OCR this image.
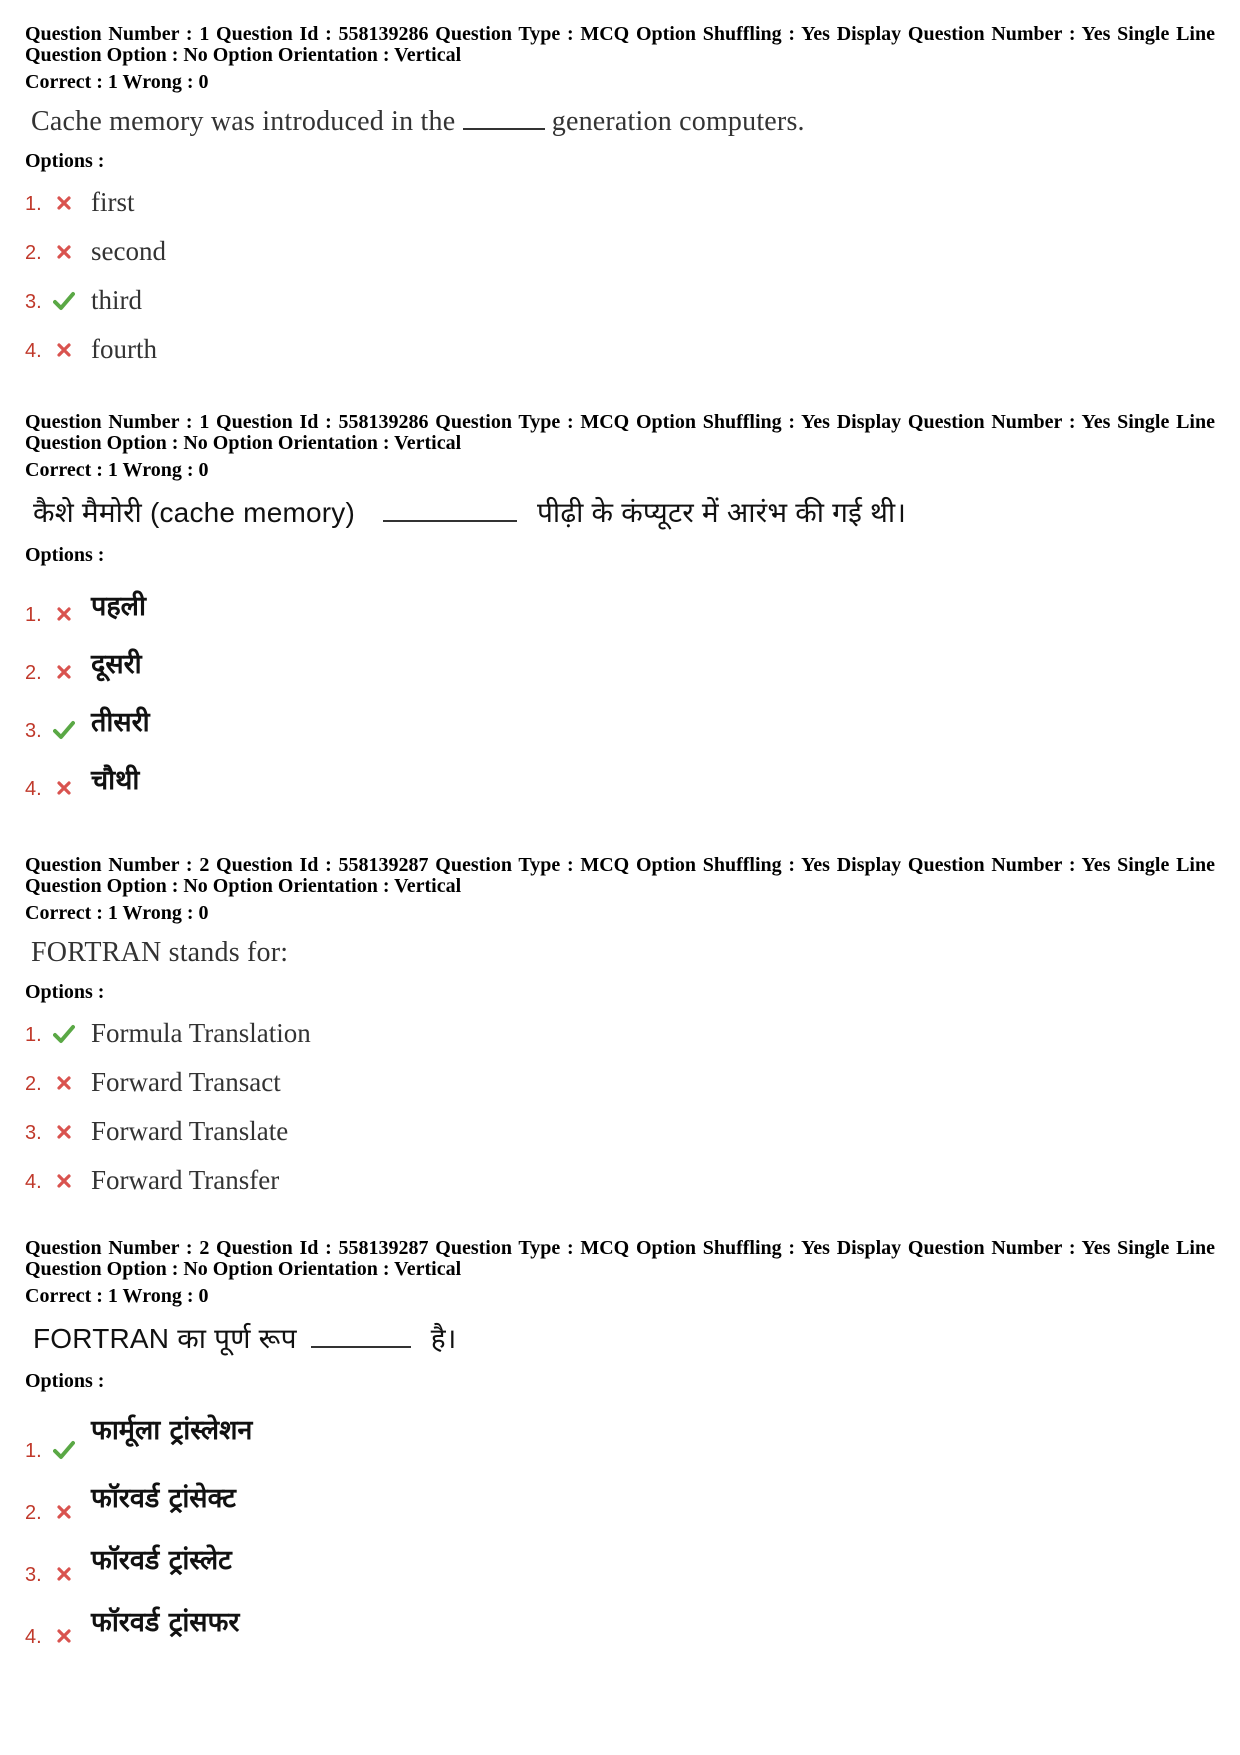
Question Number : 1 Question Id : 558139286 Question Type : MCQ Option Shuffling : Yes Display Question Number : Yes Single Line Question Option : No Option Orientation : Vertical
Correct : 1 Wrong : 0
Cache memory was introduced in the	generation computers.
Options :
1. first
2. second
3. third
4. fourth
Question Number : 1 Question Id : 558139286 Question Type : MCQ Option Shuffling : Yes Display Question Number : Yes Single Line Question Option : No Option Orientation : Vertical
Correct : 1 Wrong : 0
कैशे मैमोरी (cache memory)	पीढ़ी के कंप्यूटर में आरंभ की गई थी।
Options :
1. पहली
2. दूसरी
3. तीसरी
4. चौथी
Question Number : 2 Question Id : 558139287 Question Type : MCQ Option Shuffling : Yes Display Question Number : Yes Single Line Question Option : No Option Orientation : Vertical
Correct : 1 Wrong : 0
FORTRAN stands for:
Options :
1. Formula Translation
2. Forward Transact
3. Forward Translate
4. Forward Transfer
Question Number : 2 Question Id : 558139287 Question Type : MCQ Option Shuffling : Yes Display Question Number : Yes Single Line Question Option : No Option Orientation : Vertical
Correct : 1 Wrong : 0
FORTRAN का पूर्ण रूप	है।
Options :
1.
फार्मूला ट्रांस्लेशन
2. फॉरवर्ड ट्रांसेक्ट
3. फॉरवर्ड ट्रांस्लेट
4. फॉरवर्ड ट्रांसफर
